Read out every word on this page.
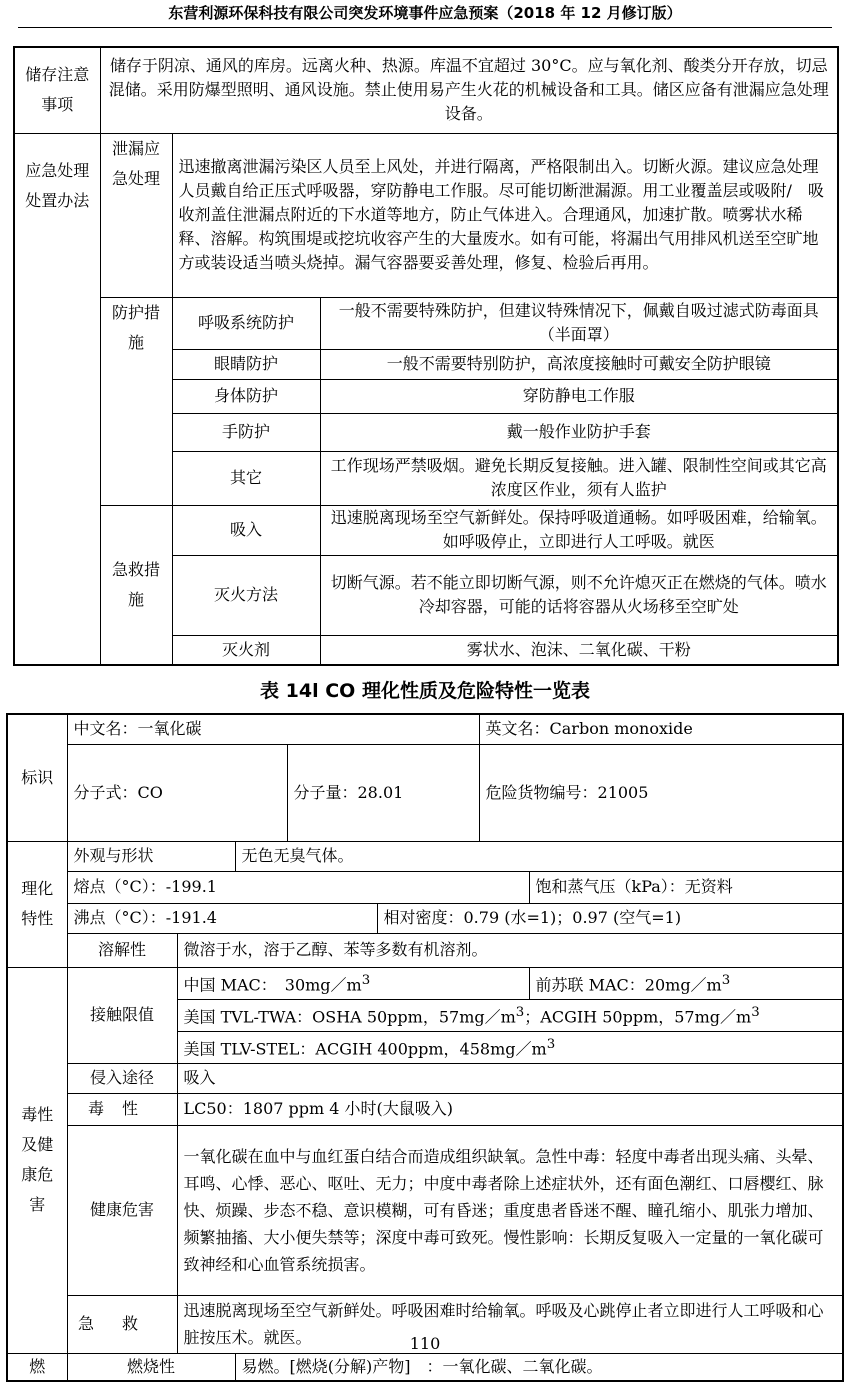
东营利源环保科技有限公司突发环境事件应急预案（2018 年 12 月修订版）
储存注意事项	储存于阴凉、通风的库房。远离火种、热源。库温不宜超过 30°C。应与氧化剂、酸类分开存放，切忌混储。采用防爆型照明、通风设施。禁止使用易产生火花的机械设备和工具。储区应备有泄漏应急处理设备。		
应急处理处置办法	泄漏应急处理	迅速撤离泄漏污染区人员至上风处，并进行隔离，严格限制出入。切断火源。建议应急处理人员戴自给正压式呼吸器，穿防静电工作服。尽可能切断泄漏源。用工业覆盖层或吸附/　吸收剂盖住泄漏点附近的下水道等地方，防止气体进入。合理通风，加速扩散。喷雾状水稀释、溶解。构筑围堤或挖坑收容产生的大量废水。如有可能，将漏出气用排风机送至空旷地方或装设适当喷头烧掉。漏气容器要妥善处理，修复、检验后再用。	
	防护措施	呼吸系统防护	一般不需要特殊防护，但建议特殊情况下，佩戴自吸过滤式防毒面具（半面罩）
		眼睛防护	一般不需要特别防护，高浓度接触时可戴安全防护眼镜
		身体防护	穿防静电工作服
		手防护	戴一般作业防护手套
		其它	工作现场严禁吸烟。避免长期反复接触。进入罐、限制性空间或其它高浓度区作业，须有人监护
	急救措施	吸入	迅速脱离现场至空气新鲜处。保持呼吸道通畅。如呼吸困难，给输氧。如呼吸停止，立即进行人工呼吸。就医
		灭火方法	切断气源。若不能立即切断气源，则不允许熄灭正在燃烧的气体。喷水冷却容器，可能的话将容器从火场移至空旷处
		灭火剂	雾状水、泡沫、二氧化碳、干粉
表 14l CO 理化性质及危险特性一览表
标识	中文名：一氧化碳					英文名：Carbon monoxide		
	分子式：CO			分子量：28.01		危险货物编号：21005	
理化特性	外观与形状		无色无臭气体。					
	熔点（°C）：-199.1						饱和蒸气压（kPa）：无资料	
	沸点（°C）：-191.4				相对密度：0.79 (水=1)；0.97 (空气=1)			
	溶解性	微溶于水，溶于乙醇、苯等多数有机溶剂。						
毒性及健康危害	接触限值	中国 MAC：　$30mg/m^3$					前苏联 MAC：$20mg/m^3$
		美国 TVL-TWA：OSHA 50ppm，$57mg/m^3$；ACGIH 50ppm，$57mg/m^3$
		美国 TLV-STEL：ACGIH 400ppm，$458mg/m^3$
	侵入途径	吸入						
	毒性	LC50：1807 ppm 4 小时(大鼠吸入)						
	健康危害	一氧化碳在血中与血红蛋白结合而造成组织缺氧。急性中毒：轻度中毒者出现头痛、头晕、耳鸣、心悸、恶心、呕吐、无力；中度中毒者除上述症状外，还有面色潮红、口唇樱红、脉快、烦躁、步态不稳、意识模糊，可有昏迷；重度患者昏迷不醒、瞳孔缩小、肌张力增加、频繁抽搐、大小便失禁等；深度中毒可致死。慢性影响：长期反复吸入一定量的一氧化碳可致神经和心血管系统损害。						
	急救	迅速脱离现场至空气新鲜处。呼吸困难时给输氧。呼吸及心跳停止者立即进行人工呼吸和心脏按压术。就医。						
燃	燃烧性		易燃。[燃烧(分解)产物]　：一氧化碳、二氧化碳。					
110
